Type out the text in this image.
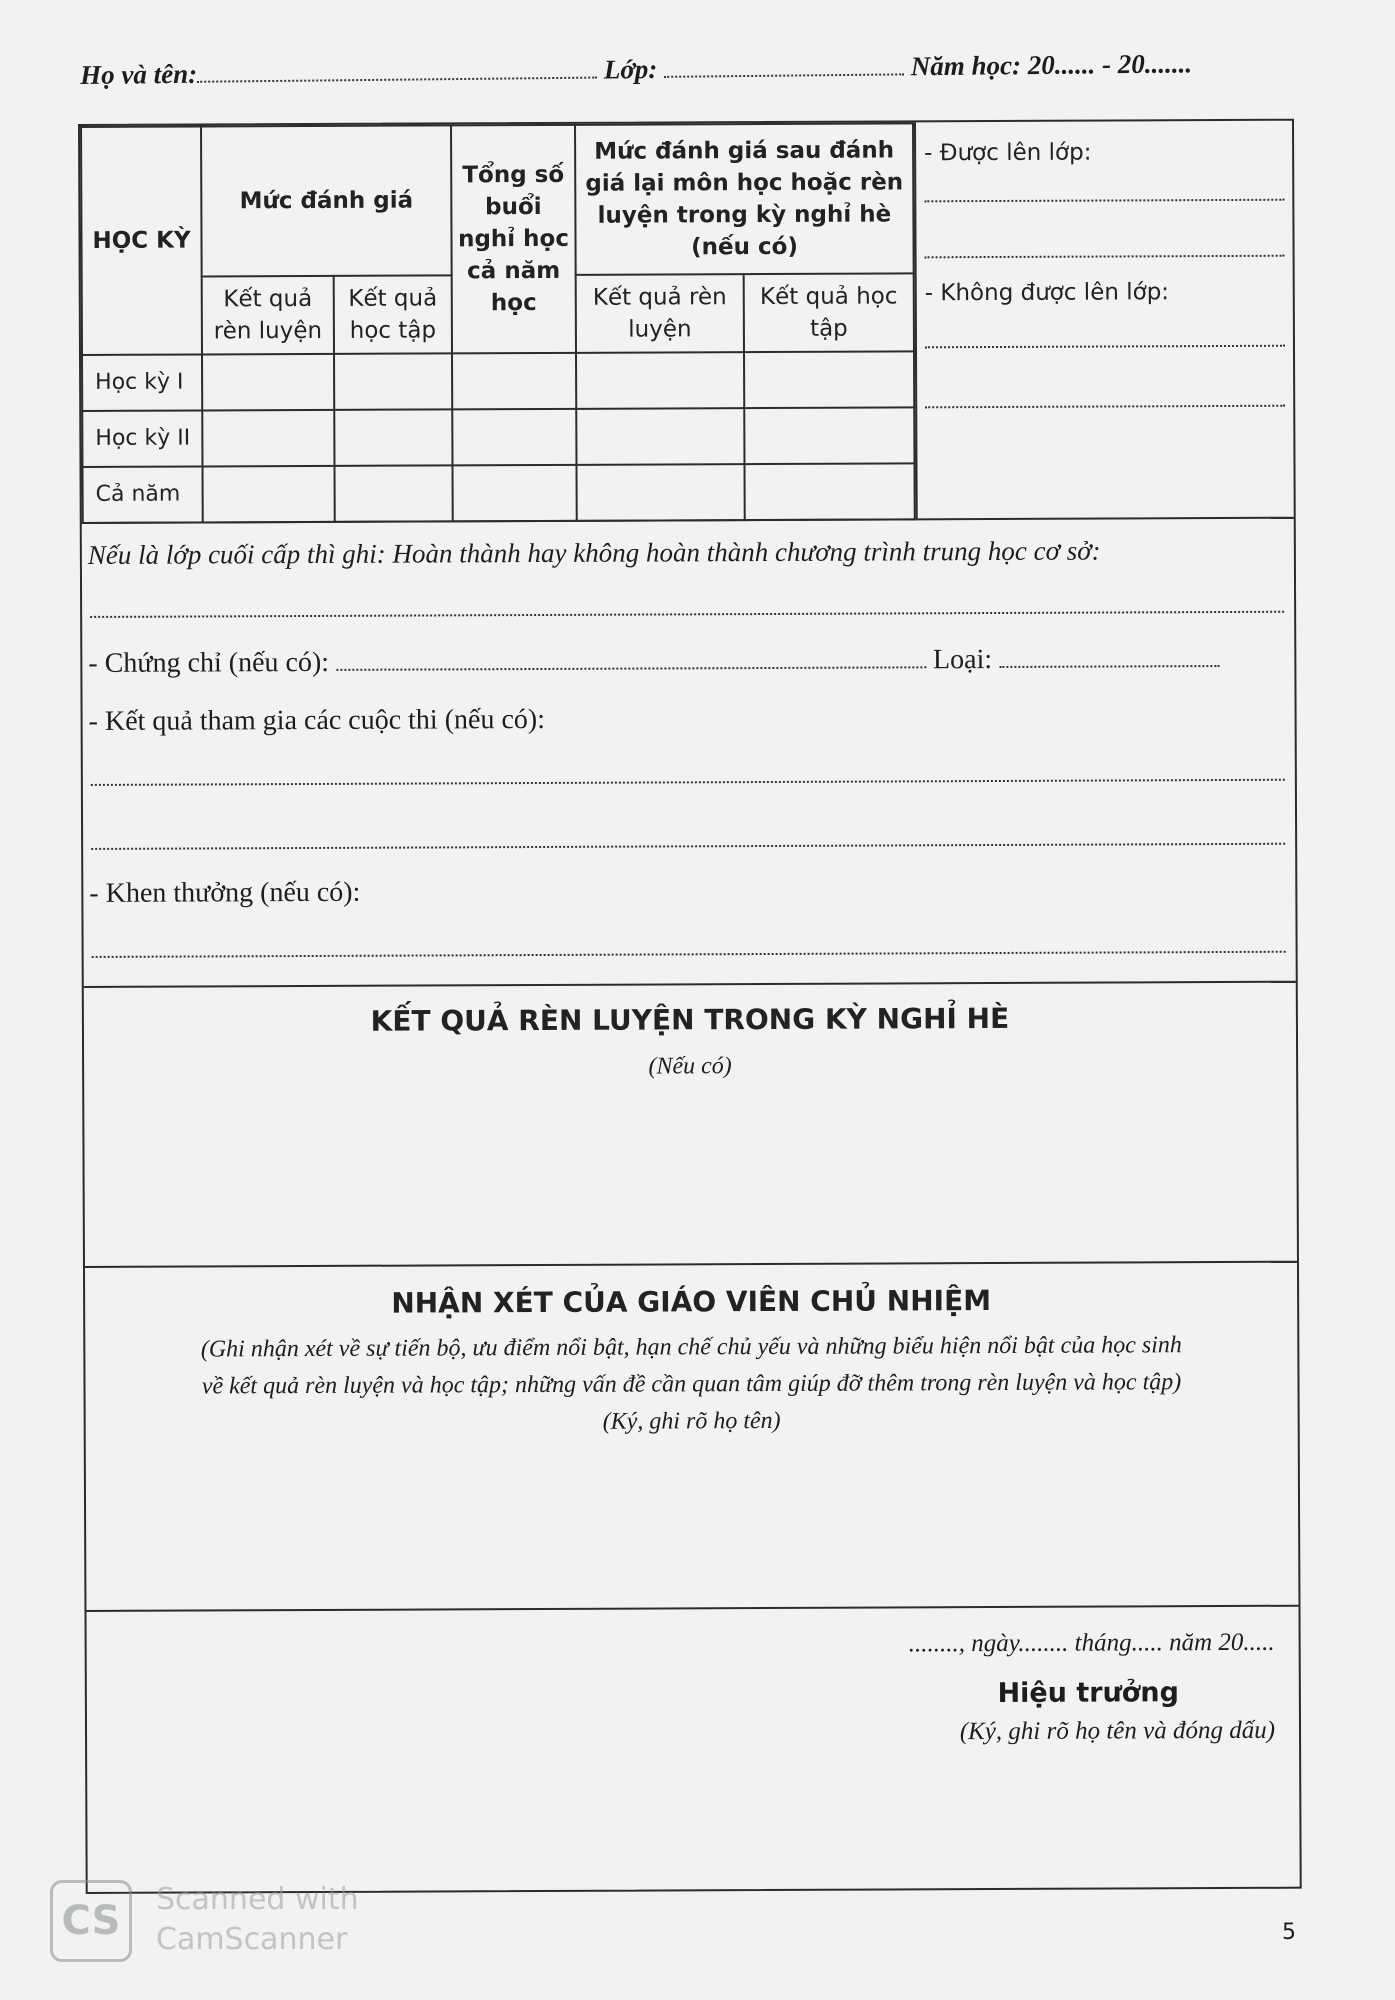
Họ và tên:	Lớp:	Năm học: 20...... - 20.......
HỌC KỲ	Mức đánh giá		Tổng số buổi nghỉ học cả năm học	Mức đánh giá sau đánh giá lại môn học hoặc rèn luyện trong kỳ nghỉ hè (nếu có)	
	Kết quả rèn luyện	Kết quả học tập		Kết quả rèn luyện	Kết quả học tập
Học kỳ I					
Học kỳ II					
Cả năm					
- Được lên lớp:
- Không được lên lớp:
Nếu là lớp cuối cấp thì ghi: Hoàn thành hay không hoàn thành chương trình trung học cơ sở:
- Chứng chỉ (nếu có):	Loại:
- Kết quả tham gia các cuộc thi (nếu có):
- Khen thưởng (nếu có):
KẾT QUẢ RÈN LUYỆN TRONG KỲ NGHỈ HÈ
(Nếu có)
NHẬN XÉT CỦA GIÁO VIÊN CHỦ NHIỆM
(Ghi nhận xét về sự tiến bộ, ưu điểm nổi bật, hạn chế chủ yếu và những biểu hiện nổi bật của học sinh
về kết quả rèn luyện và học tập; những vấn đề cần quan tâm giúp đỡ thêm trong rèn luyện và học tập)
(Ký, ghi rõ họ tên)
........, ngày........ tháng..... năm 20.....
Hiệu trưởng
(Ký, ghi rõ họ tên và đóng dấu)
5
CS	Scanned with
CamScanner
